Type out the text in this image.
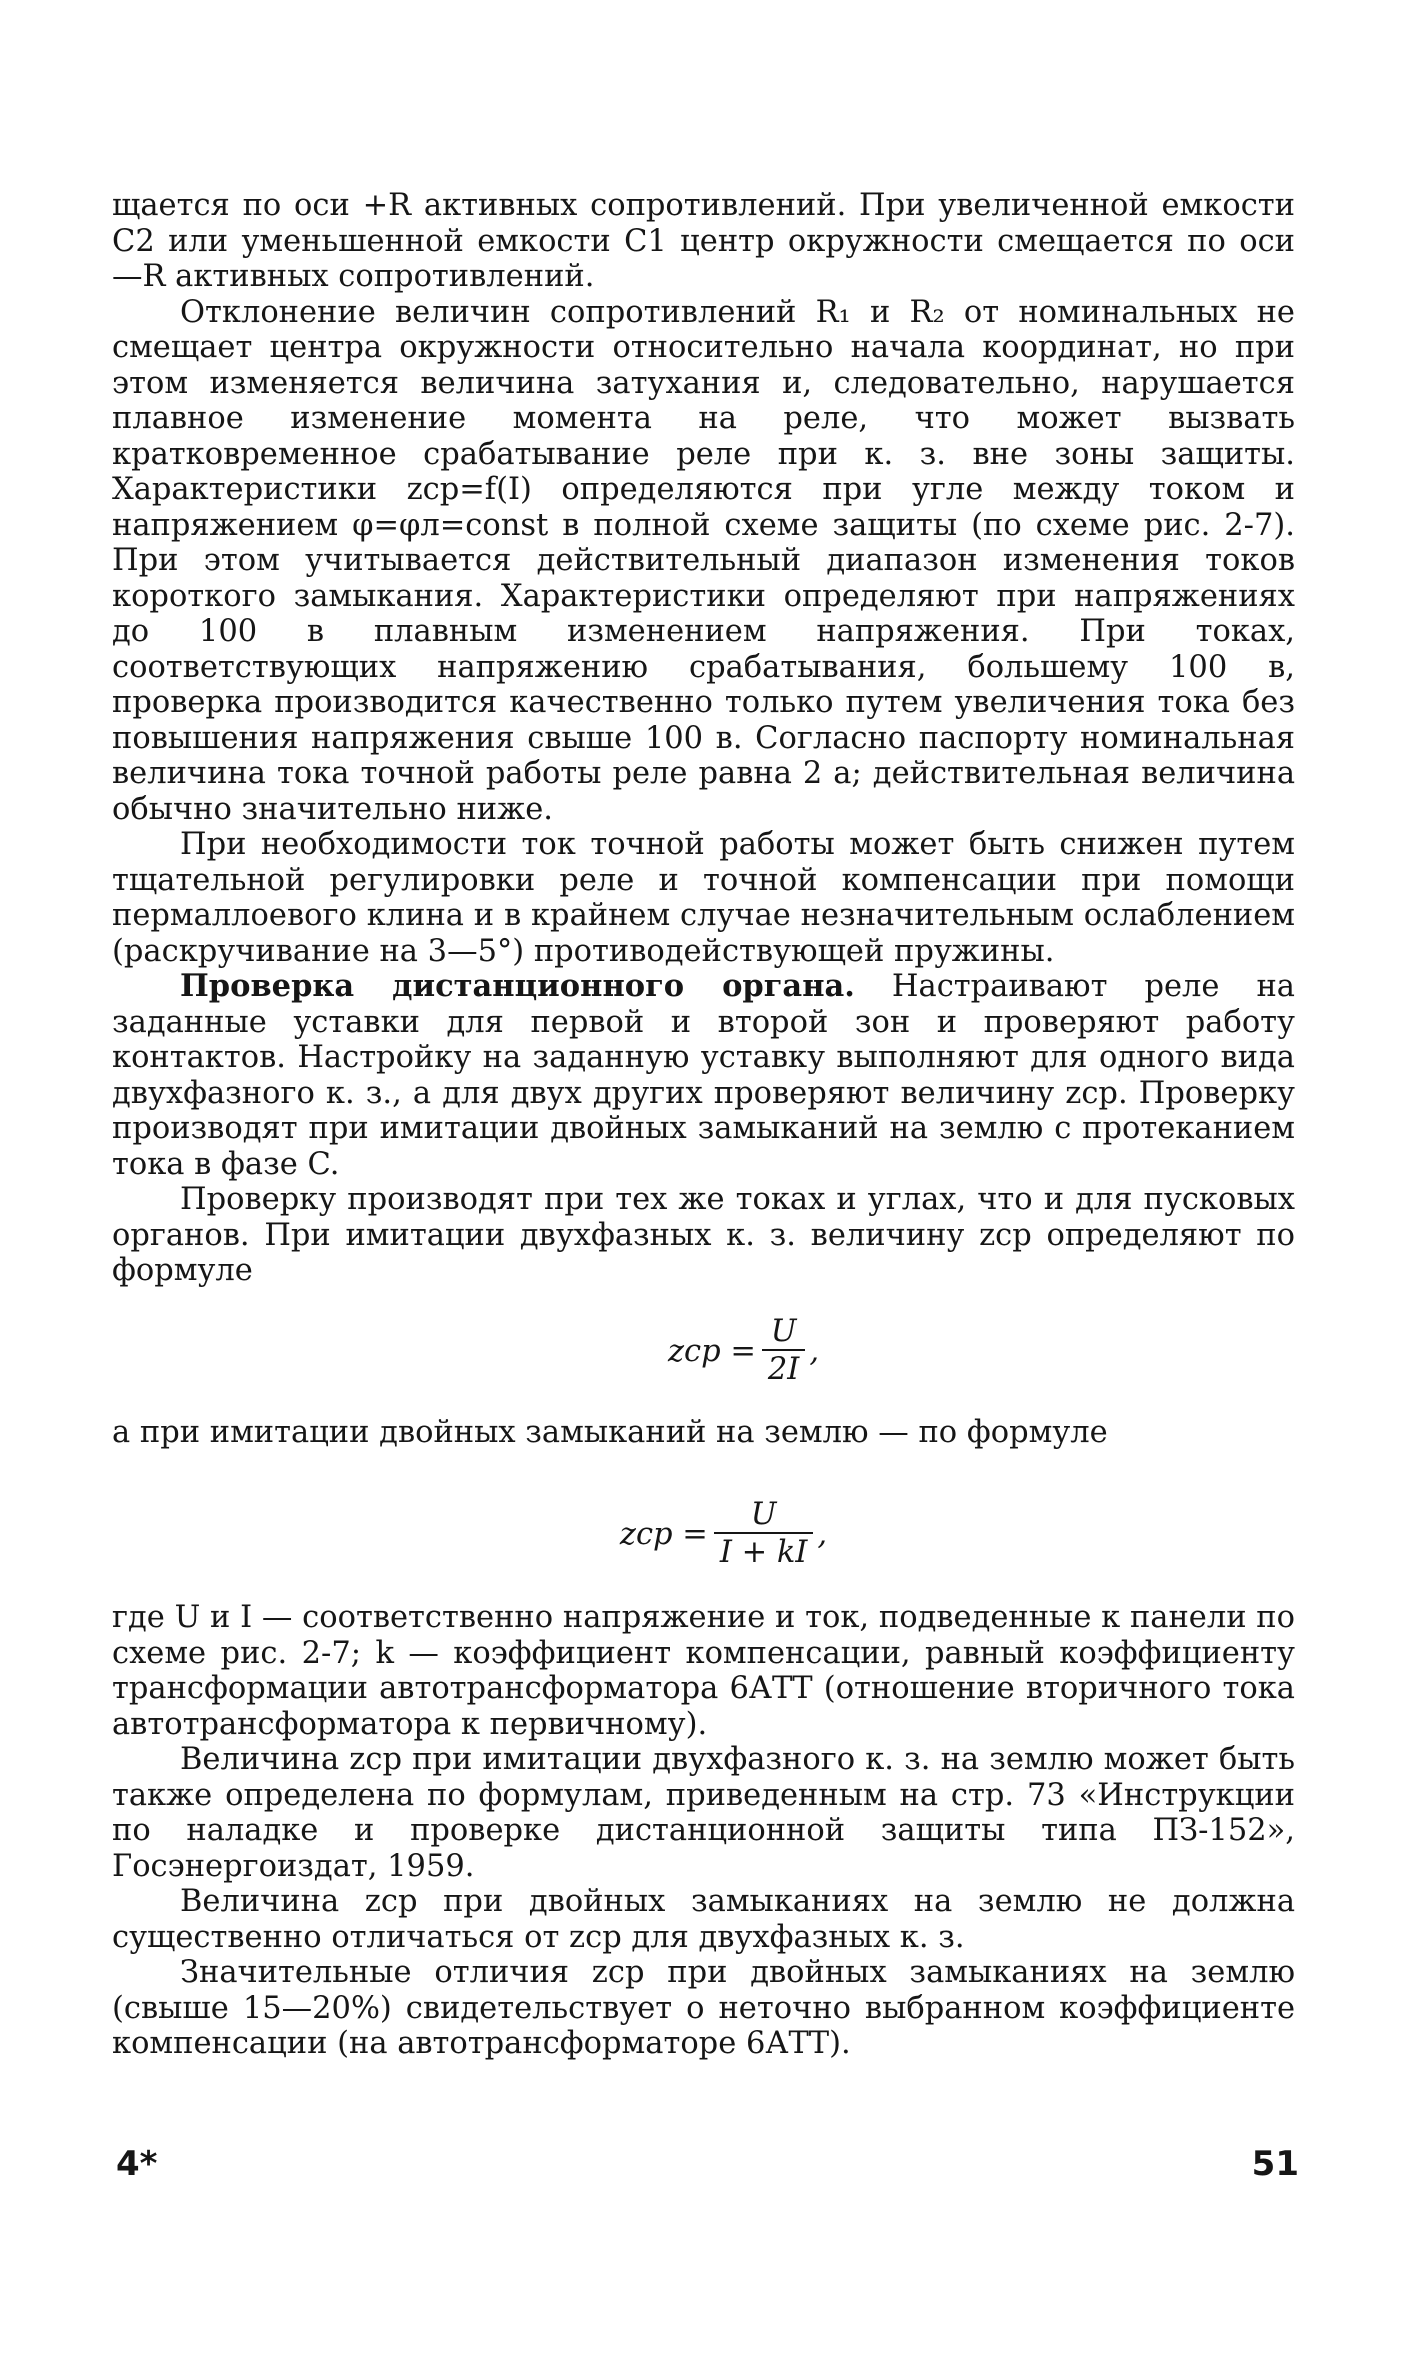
щается по оси +R активных сопротивлений. При увеличенной емкости C2 или уменьшенной емкости C1 центр окружности смещается по оси —R активных сопротивлений.

Отклонение величин сопротивлений R₁ и R₂ от номинальных не смещает центра окружности относительно начала координат, но при этом изменяется величина затухания и, следовательно, нарушается плавное изменение момента на реле, что может вызвать кратковременное срабатывание реле при к. з. вне зоны защиты. Характеристики zср=f(I) определяются при угле между током и напряжением φ=φл=const в полной схеме защиты (по схеме рис. 2-7). При этом учитывается действительный диапазон изменения токов короткого замыкания. Характеристики определяют при напряжениях до 100 в плавным изменением напряжения. При токах, соответствующих напряжению срабатывания, большему 100 в, проверка производится качественно только путем увеличения тока без повышения напряжения свыше 100 в. Согласно паспорту номинальная величина тока точной работы реле равна 2 а; действительная величина обычно значительно ниже.

При необходимости ток точной работы может быть снижен путем тщательной регулировки реле и точной компенсации при помощи пермаллоевого клина и в крайнем случае незначительным ослаблением (раскручивание на 3—5°) противодействующей пружины.

Проверка дистанционного органа. Настраивают реле на заданные уставки для первой и второй зон и проверяют работу контактов. Настройку на заданную уставку выполняют для одного вида двухфазного к. з., а для двух других проверяют величину zср. Проверку производят при имитации двойных замыканий на землю с протеканием тока в фазе C.

Проверку производят при тех же токах и углах, что и для пусковых органов. При имитации двухфазных к. з. величину zср определяют по формуле

zср = $\frac{U}{2I}$ ,

а при имитации двойных замыканий на землю — по формуле

zср = $\frac{U}{I + kI}$ ,

где U и I — соответственно напряжение и ток, подведенные к панели по схеме рис. 2-7; k — коэффициент компенсации, равный коэффициенту трансформации автотрансформатора 6АТТ (отношение вторичного тока автотрансформатора к первичному).

Величина zср при имитации двухфазного к. з. на землю может быть также определена по формулам, приведенным на стр. 73 «Инструкции по наладке и проверке дистанционной защиты типа ПЗ-152», Госэнергоиздат, 1959.

Величина zср при двойных замыканиях на землю не должна существенно отличаться от zср для двухфазных к. з.

Значительные отличия zср при двойных замыканиях на землю (свыше 15—20%) свидетельствует о неточно выбранном коэффициенте компенсации (на автотрансформаторе 6АТТ).

4*	51
